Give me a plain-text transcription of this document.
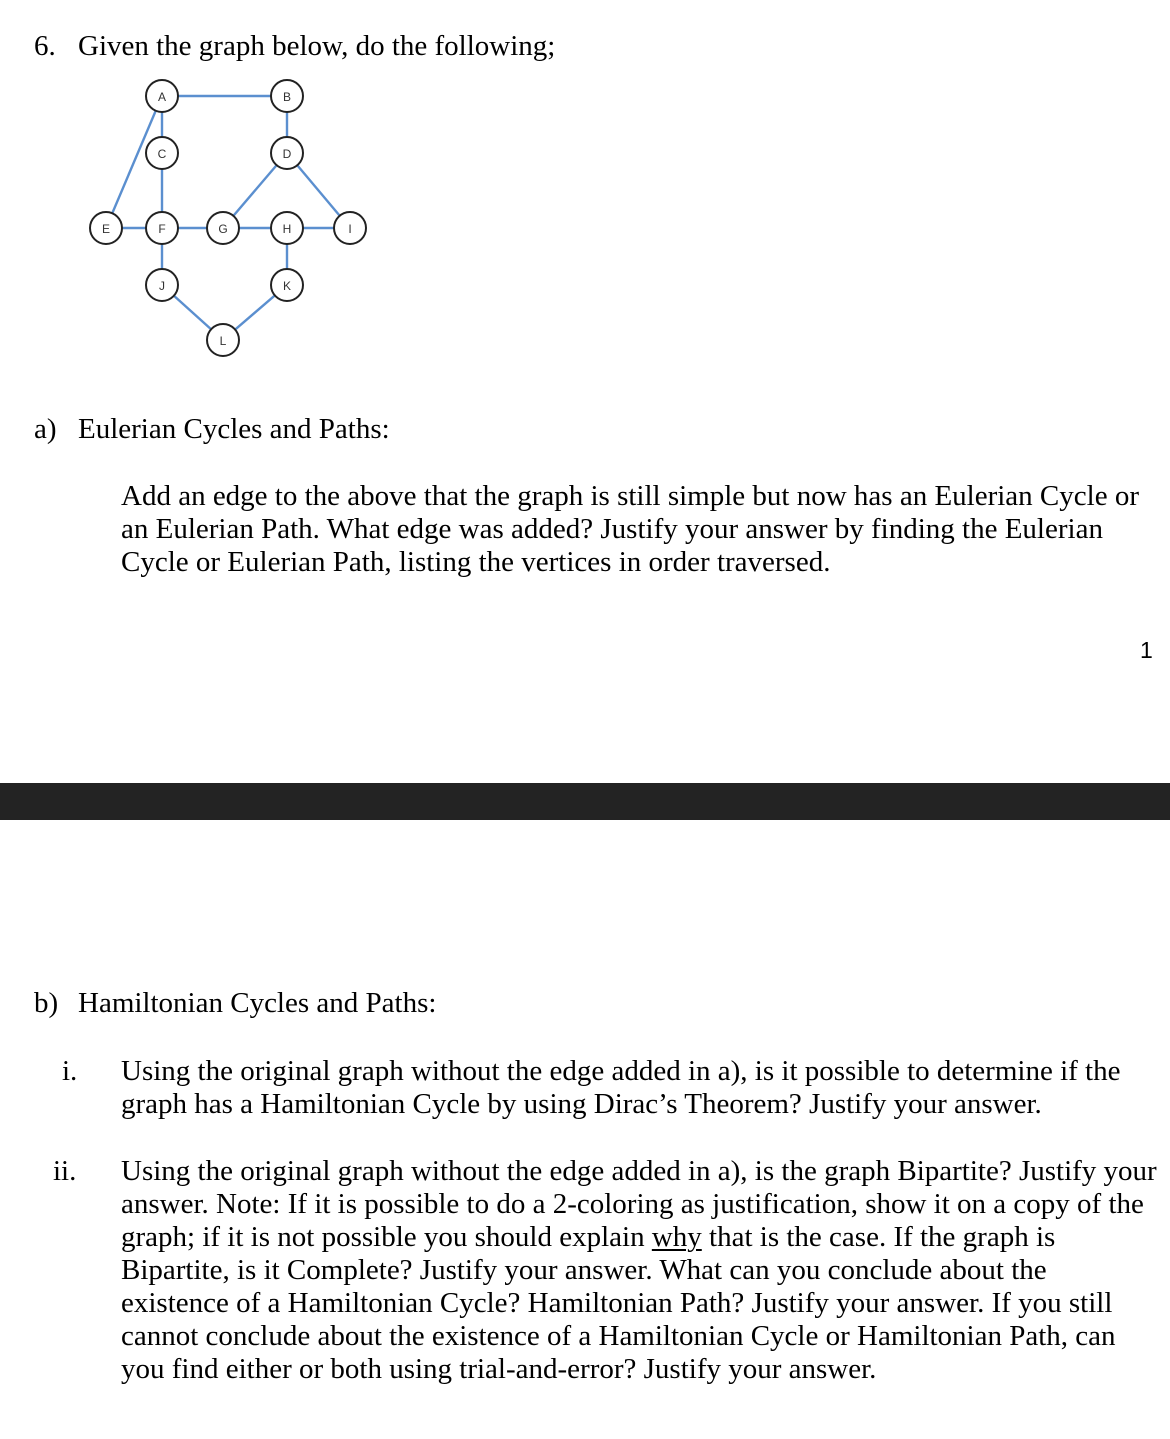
6. Given the graph below, do the following;
A	B
C	D
E	F	G	H	I
J	K
L
a) Eulerian Cycles and Paths:
Add an edge to the above that the graph is still simple but now has an Eulerian Cycle or an Eulerian Path. What edge was added? Justify your answer by finding the Eulerian Cycle or Eulerian Path, listing the vertices in order traversed.
1
b) Hamiltonian Cycles and Paths:
i. Using the original graph without the edge added in a), is it possible to determine if the graph has a Hamiltonian Cycle by using Dirac’s Theorem? Justify your answer.
ii. Using the original graph without the edge added in a), is the graph Bipartite? Justify your answer. Note: If it is possible to do a 2-coloring as justification, show it on a copy of the graph; if it is not possible you should explain why that is the case. If the graph is Bipartite, is it Complete? Justify your answer. What can you conclude about the existence of a Hamiltonian Cycle? Hamiltonian Path? Justify your answer. If you still cannot conclude about the existence of a Hamiltonian Cycle or Hamiltonian Path, can you find either or both using trial-and-error? Justify your answer.
